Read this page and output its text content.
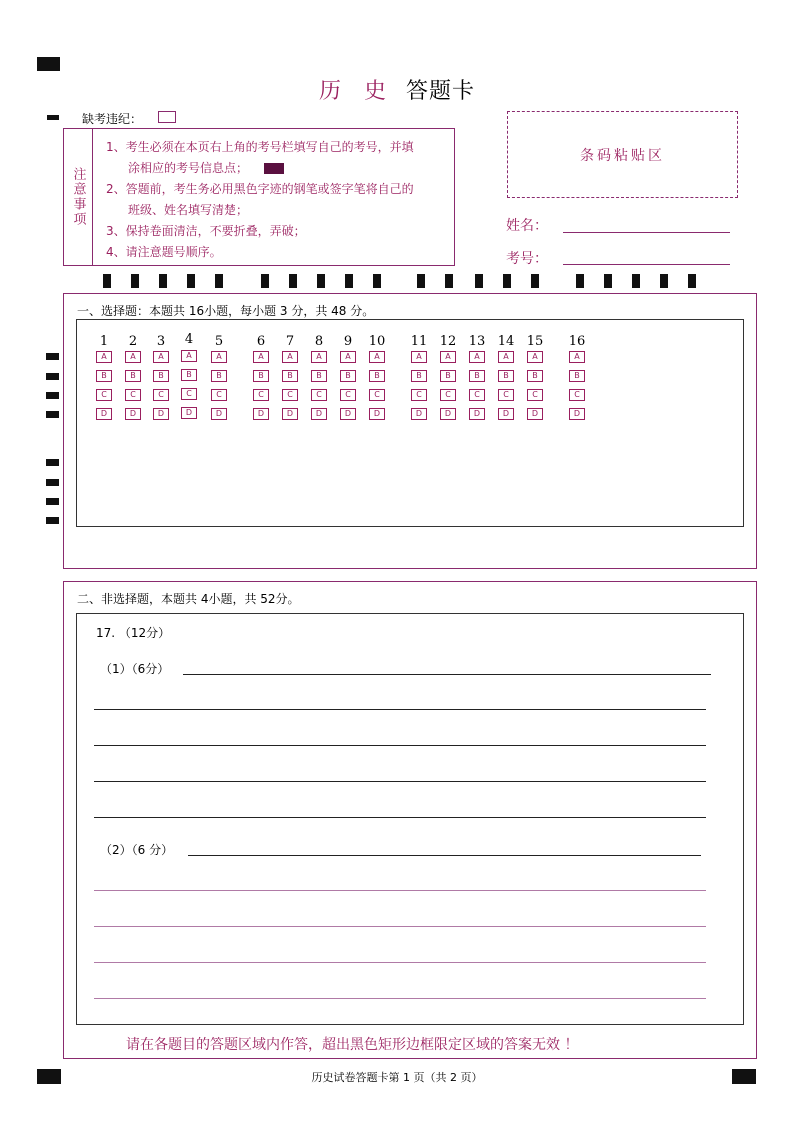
历 史 答题卡
缺考违纪：
注意事项
1、考生必须在本页右上角的考号栏填写自己的考号，并填
涂相应的考号信息点；
2、答题前，考生务必用黑色字迹的钢笔或签字笔将自己的
班级、姓名填写清楚；
3、保持卷面清洁，不要折叠，弄破；
4、请注意题号顺序。
条码粘贴区
姓名：
考号：
一、选择题：本题共 16小题，每小题 3 分，共 48 分。
1
A
B
C
D
2
A
B
C
D
3
A
B
C
D
4
A
B
C
D
5
A
B
C
D
6
A
B
C
D
7
A
B
C
D
8
A
B
C
D
9
A
B
C
D
10
A
B
C
D
11
A
B
C
D
12
A
B
C
D
13
A
B
C
D
14
A
B
C
D
15
A
B
C
D
16
A
B
C
D
二、非选择题，本题共 4小题，共 52分。
17. （12分）
（1）（6分）
（2）（6 分）
请在各题目的答题区域内作答，超出黑色矩形边框限定区域的答案无效 ！
历史试卷答题卡第 1 页（共 2 页）
